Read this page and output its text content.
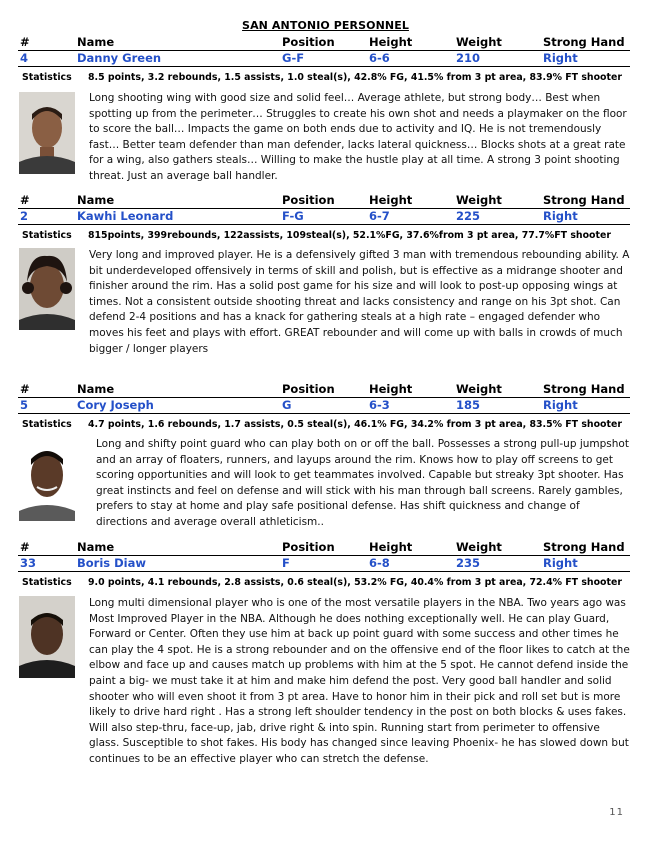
SAN ANTONIO PERSONNEL
#	Name	Position	Height	Weight	Strong Hand
4	Danny Green	G-F	6-6	210	Right
Statistics 8.5 points, 3.2 rebounds, 1.5 assists, 1.0 steal(s), 42.8% FG, 41.5% from 3 pt area, 83.9% FT shooter
Long shooting wing with good size and solid feel… Average athlete, but strong body… Best when spotting up from the perimeter… Struggles to create his own shot and needs a playmaker on the floor to score the ball… Impacts the game on both ends due to activity and IQ. He is not tremendously fast… Better team defender than man defender, lacks lateral quickness… Blocks shots at a great rate for a wing, also gathers steals… Willing to make the hustle play at all time. A strong 3 point shooting threat. Just an average ball handler.
#	Name	Position	Height	Weight	Strong Hand
2	Kawhi Leonard	F-G	6-7	225	Right
Statistics 815points, 399rebounds, 122assists, 109steal(s), 52.1%FG, 37.6%from 3 pt area, 77.7%FT shooter
Very long and improved player. He is a defensively gifted 3 man with tremendous rebounding ability. A bit underdeveloped offensively in terms of skill and polish, but is effective as a midrange shooter and finisher around the rim. Has a solid post game for his size and will look to post-up opposing wings at times. Not a consistent outside shooting threat and lacks consistency and range on his 3pt shot. Can defend 2-4 positions and has a knack for gathering steals at a high rate – engaged defender who moves his feet and plays with effort. GREAT rebounder and will come up with balls in crowds of much bigger / longer players
#	Name	Position	Height	Weight	Strong Hand
5	Cory Joseph	G	6-3	185	Right
Statistics 4.7 points, 1.6 rebounds, 1.7 assists, 0.5 steal(s), 46.1% FG, 34.2% from 3 pt area, 83.5% FT shooter
Long and shifty point guard who can play both on or off the ball. Possesses a strong pull-up jumpshot and an array of floaters, runners, and layups around the rim. Knows how to play off screens to get scoring opportunities and will look to get teammates involved. Capable but streaky 3pt shooter. Has great instincts and feel on defense and will stick with his man through ball screens. Rarely gambles, prefers to stay at home and play safe positional defense. Has shift quickness and change of directions and average overall athleticism..
#	Name	Position	Height	Weight	Strong Hand
33	Boris Diaw	F	6-8	235	Right
Statistics 9.0 points, 4.1 rebounds, 2.8 assists, 0.6 steal(s), 53.2% FG, 40.4% from 3 pt area, 72.4% FT shooter
Long multi dimensional player who is one of the most versatile players in the NBA. Two years ago was Most Improved Player in the NBA. Although he does nothing exceptionally well. He can play Guard, Forward or Center. Often they use him at back up point guard with some success and other times he can play the 4 spot. He is a strong rebounder and on the offensive end of the floor likes to catch at the elbow and face up and causes match up problems with him at the 5 spot. He cannot defend inside the paint a big- we must take it at him and make him defend the post. Very good ball handler and solid shooter who will even shoot it from 3 pt area. Have to honor him in their pick and roll set but is more likely to drive hard right . Has a strong left shoulder tendency in the post on both blocks & uses fakes. Will also step-thru, face-up, jab, drive right & into spin. Running start from perimeter to offensive glass. Susceptible to shot fakes. His body has changed since leaving Phoenix- he has slowed down but continues to be an effective player who can stretch the defense.
11
